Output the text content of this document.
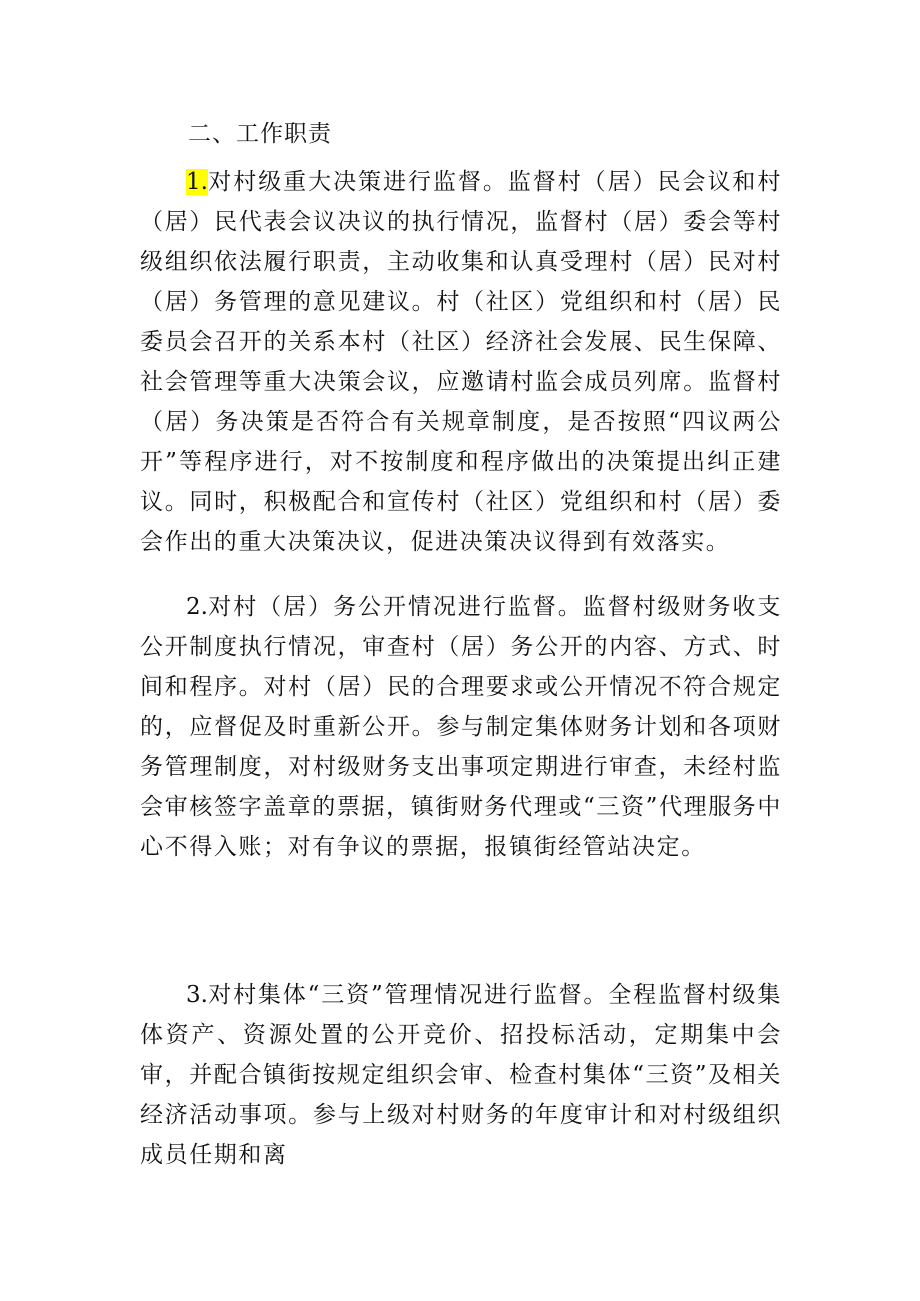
二、工作职责

1.对村级重大决策进行监督。监督村（居）民会议和村（居）民代表会议决议的执行情况，监督村（居）委会等村级组织依法履行职责，主动收集和认真受理村（居）民对村（居）务管理的意见建议。村（社区）党组织和村（居）民委员会召开的关系本村（社区）经济社会发展、民生保障、社会管理等重大决策会议，应邀请村监会成员列席。监督村（居）务决策是否符合有关规章制度，是否按照“四议两公开”等程序进行，对不按制度和程序做出的决策提出纠正建议。同时，积极配合和宣传村（社区）党组织和村（居）委会作出的重大决策决议，促进决策决议得到有效落实。

2.对村（居）务公开情况进行监督。监督村级财务收支公开制度执行情况，审查村（居）务公开的内容、方式、时间和程序。对村（居）民的合理要求或公开情况不符合规定的，应督促及时重新公开。参与制定集体财务计划和各项财务管理制度，对村级财务支出事项定期进行审查，未经村监会审核签字盖章的票据，镇街财务代理或“三资”代理服务中心不得入账；对有争议的票据，报镇街经管站决定。

3.对村集体“三资”管理情况进行监督。全程监督村级集体资产、资源处置的公开竞价、招投标活动，定期集中会审，并配合镇街按规定组织会审、检查村集体“三资”及相关经济活动事项。参与上级对村财务的年度审计和对村级组织成员任期和离
